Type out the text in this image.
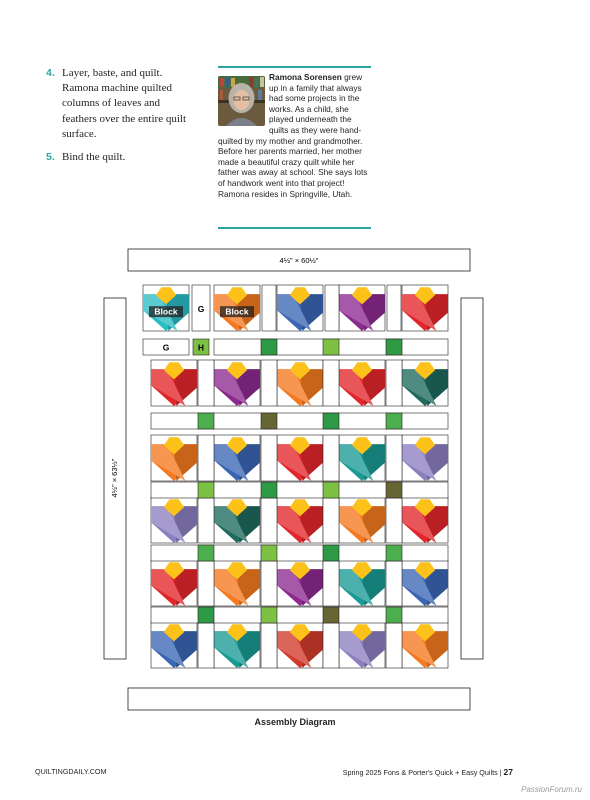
4. Layer, baste, and quilt. Ramona machine quilted columns of leaves and feathers over the entire quilt surface.
5. Bind the quilt.
Ramona Sorensen grew up in a family that always had some projects in the works. As a child, she played underneath the quilts as they were hand-quilted by my mother and grandmother. Before her parents married, her mother made a beautiful crazy quilt while her father was away at school. She says lots of handwork went into that project! Ramona resides in Springville, Utah.
4½" × 60½"
4½" × 63½"
Block	Block
G
G	H
Assembly Diagram
QUILTINGDAILY.COM	Spring 2025 Fons & Porter's Quick + Easy Quilts | 27
PassionForum.ru
